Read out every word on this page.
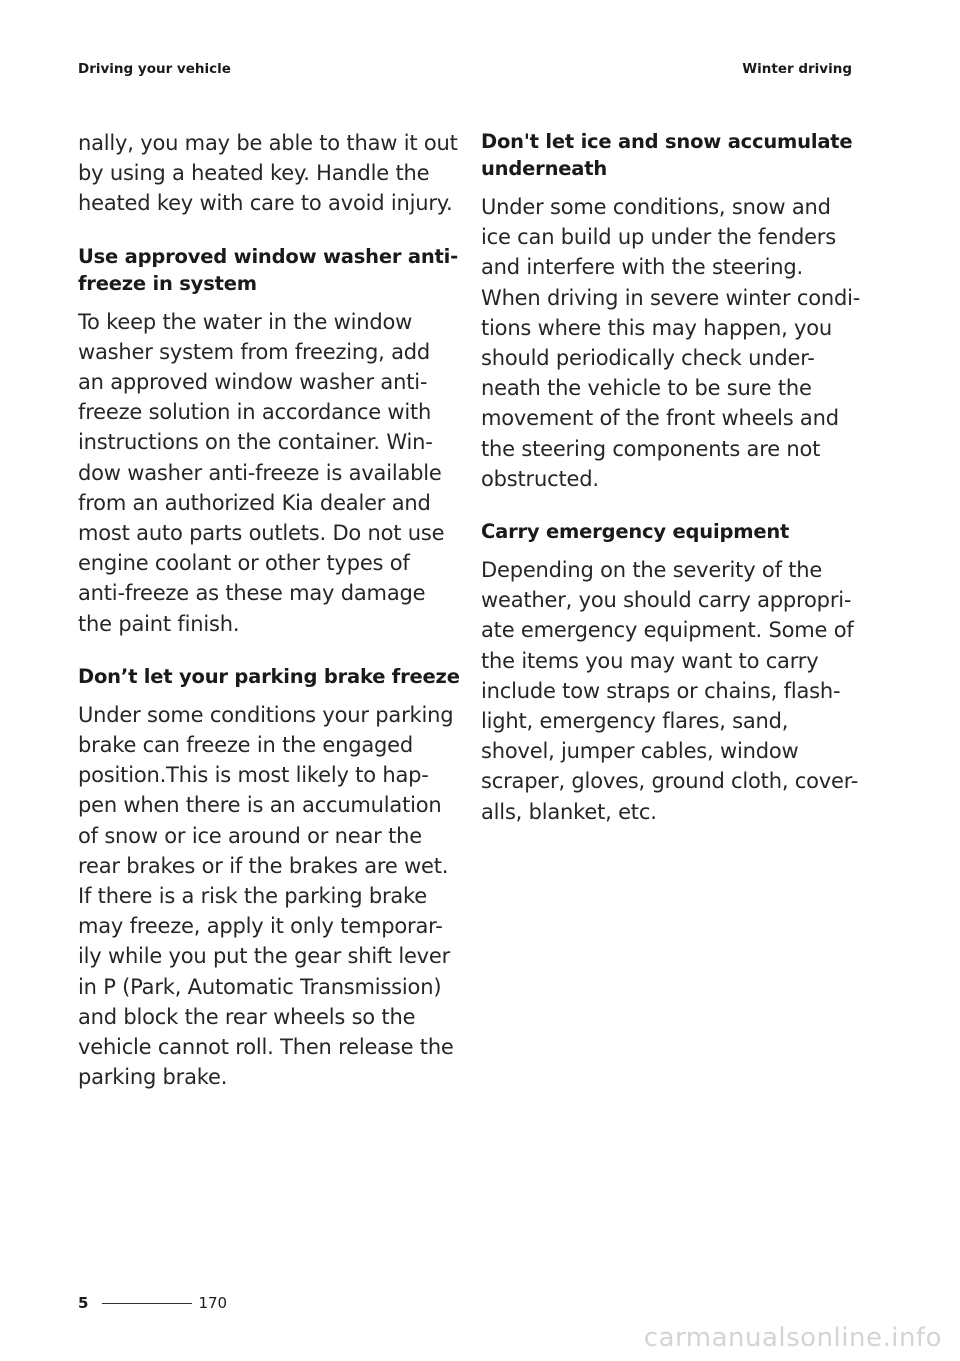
Driving your vehicle	Winter driving

nally, you may be able to thaw it out
by using a heated key. Handle the
heated key with care to avoid injury.

Use approved window washer anti-
freeze in system

To keep the water in the window
washer system from freezing, add
an approved window washer anti-
freeze solution in accordance with
instructions on the container. Win-
dow washer anti-freeze is available
from an authorized Kia dealer and
most auto parts outlets. Do not use
engine coolant or other types of
anti-freeze as these may damage
the paint finish.

Don’t let your parking brake freeze

Under some conditions your parking
brake can freeze in the engaged
position.This is most likely to hap-
pen when there is an accumulation
of snow or ice around or near the
rear brakes or if the brakes are wet.
If there is a risk the parking brake
may freeze, apply it only temporar-
ily while you put the gear shift lever
in P (Park, Automatic Transmission)
and block the rear wheels so the
vehicle cannot roll. Then release the
parking brake.

Don't let ice and snow accumulate
underneath

Under some conditions, snow and
ice can build up under the fenders
and interfere with the steering.
When driving in severe winter condi-
tions where this may happen, you
should periodically check under-
neath the vehicle to be sure the
movement of the front wheels and
the steering components are not
obstructed.

Carry emergency equipment

Depending on the severity of the
weather, you should carry appropri-
ate emergency equipment. Some of
the items you may want to carry
include tow straps or chains, flash-
light, emergency flares, sand,
shovel, jumper cables, window
scraper, gloves, ground cloth, cover-
alls, blanket, etc.

5	170
carmanualsonline.info
